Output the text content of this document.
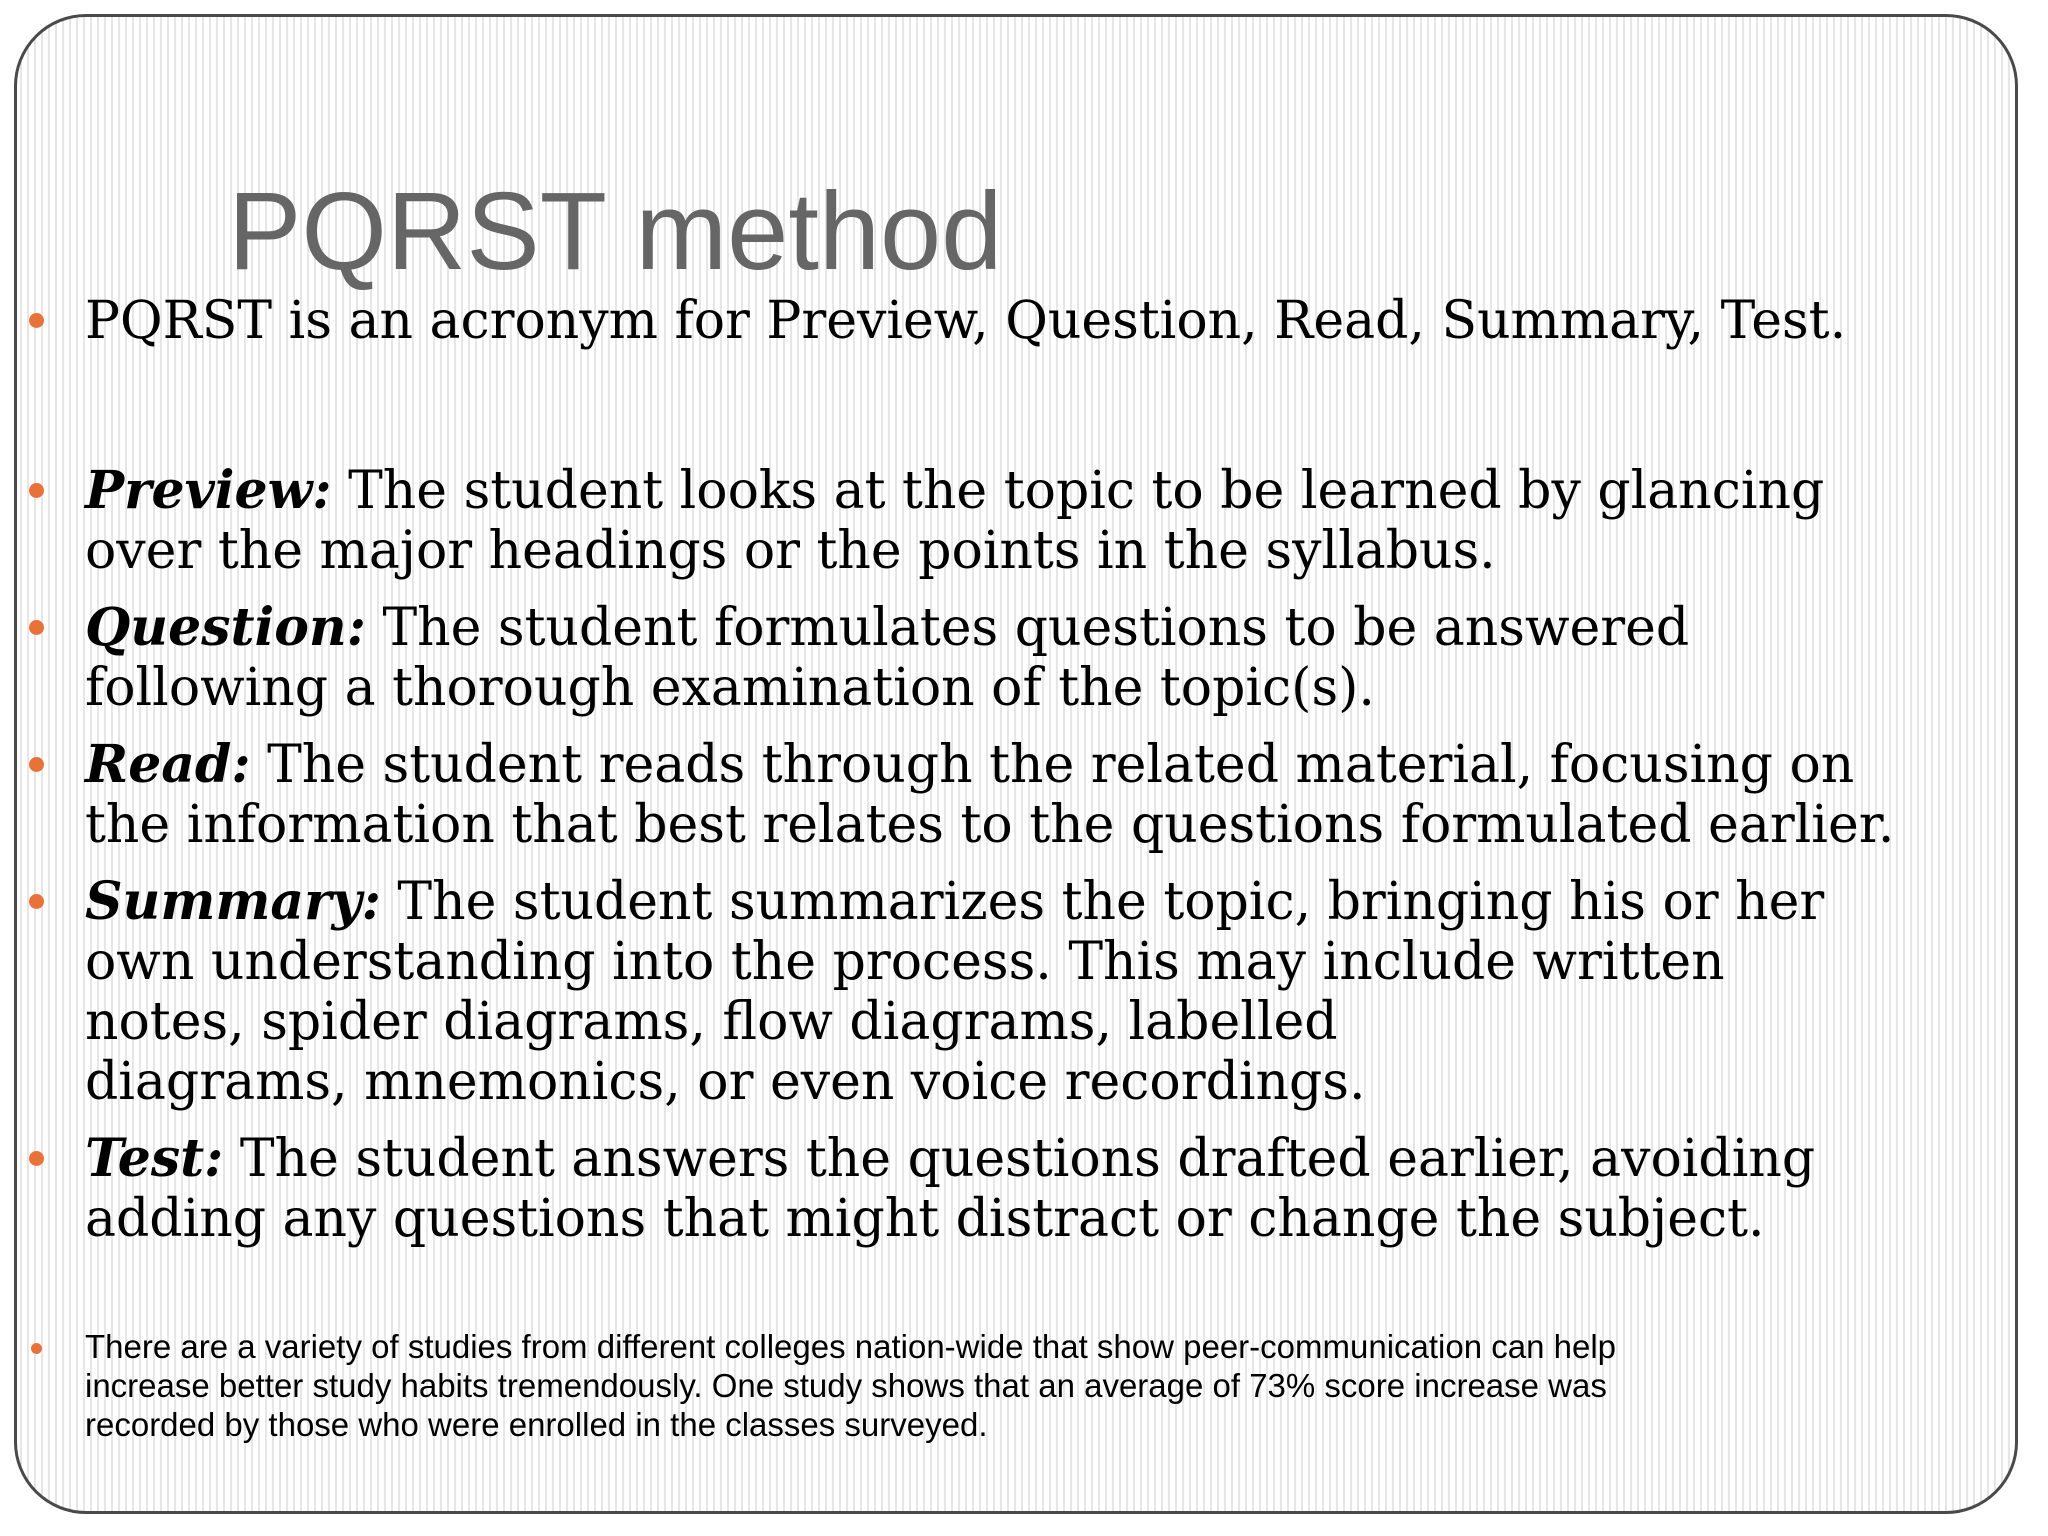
PQRST method
PQRST is an acronym for Preview, Question, Read, Summary, Test.
Preview: The student looks at the topic to be learned by glancing
over the major headings or the points in the syllabus.
Question: The student formulates questions to be answered
following a thorough examination of the topic(s).
Read: The student reads through the related material, focusing on
the information that best relates to the questions formulated earlier.
Summary: The student summarizes the topic, bringing his or her
own understanding into the process. This may include written
notes, spider diagrams, flow diagrams, labelled
diagrams, mnemonics, or even voice recordings.
Test: The student answers the questions drafted earlier, avoiding
adding any questions that might distract or change the subject.
There are a variety of studies from different colleges nation-wide that show peer-communication can help
increase better study habits tremendously. One study shows that an average of 73% score increase was
recorded by those who were enrolled in the classes surveyed.
